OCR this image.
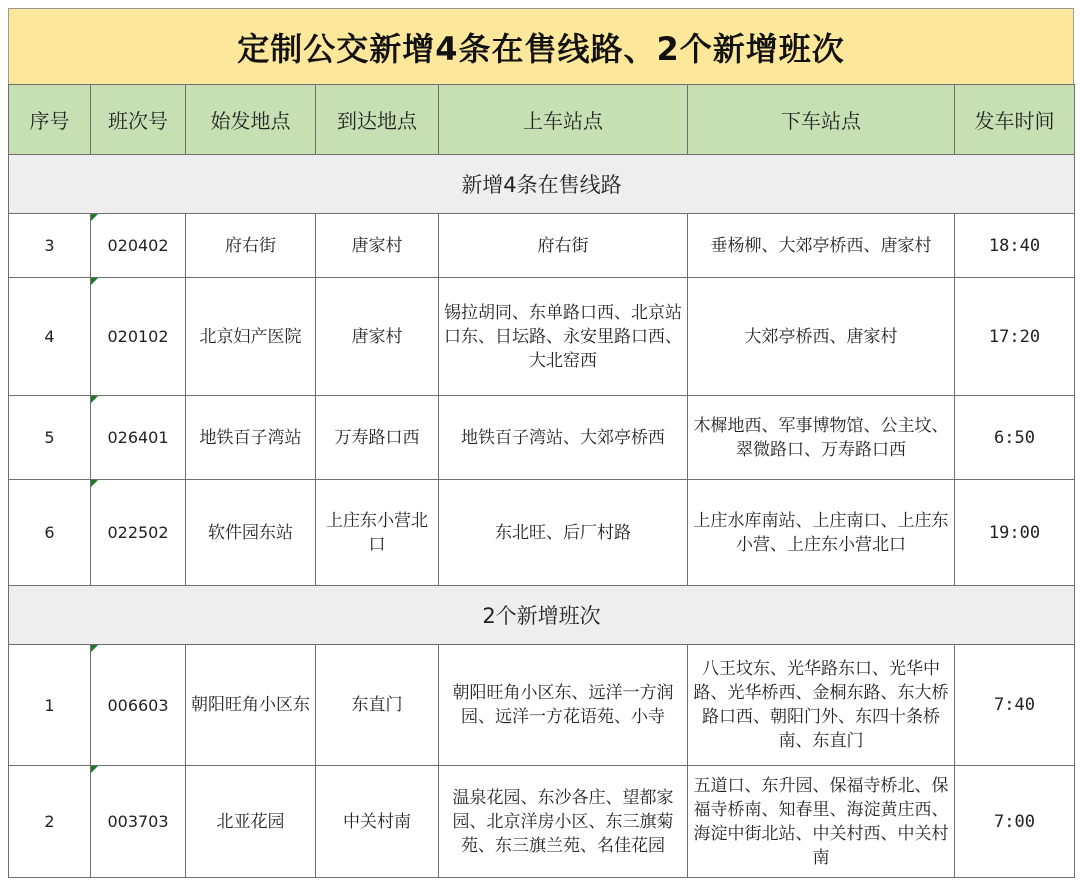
定制公交新增4条在售线路、2个新增班次
序号	班次号	始发地点	到达地点	上车站点	下车站点	发车时间
新增4条在售线路						
3	020402	府右街	唐家村	府右街	垂杨柳、大郊亭桥西、唐家村	18:40
4	020102	北京妇产医院	唐家村	锡拉胡同、东单路口西、北京站口东、日坛路、永安里路口西、大北窑西	大郊亭桥西、唐家村	17:20
5	026401	地铁百子湾站	万寿路口西	地铁百子湾站、大郊亭桥西	木樨地西、军事博物馆、公主坟、翠微路口、万寿路口西	6:50
6	022502	软件园东站	上庄东小营北口	东北旺、后厂村路	上庄水库南站、上庄南口、上庄东小营、上庄东小营北口	19:00
2个新增班次						
1	006603	朝阳旺角小区东	东直门	朝阳旺角小区东、远洋一方润园、远洋一方花语苑、小寺	八王坟东、光华路东口、光华中路、光华桥西、金桐东路、东大桥路口西、朝阳门外、东四十条桥南、东直门	7:40
2	003703	北亚花园	中关村南	温泉花园、东沙各庄、望都家园、北京洋房小区、东三旗菊苑、东三旗兰苑、名佳花园	五道口、东升园、保福寺桥北、保福寺桥南、知春里、海淀黄庄西、海淀中街北站、中关村西、中关村南	7:00
